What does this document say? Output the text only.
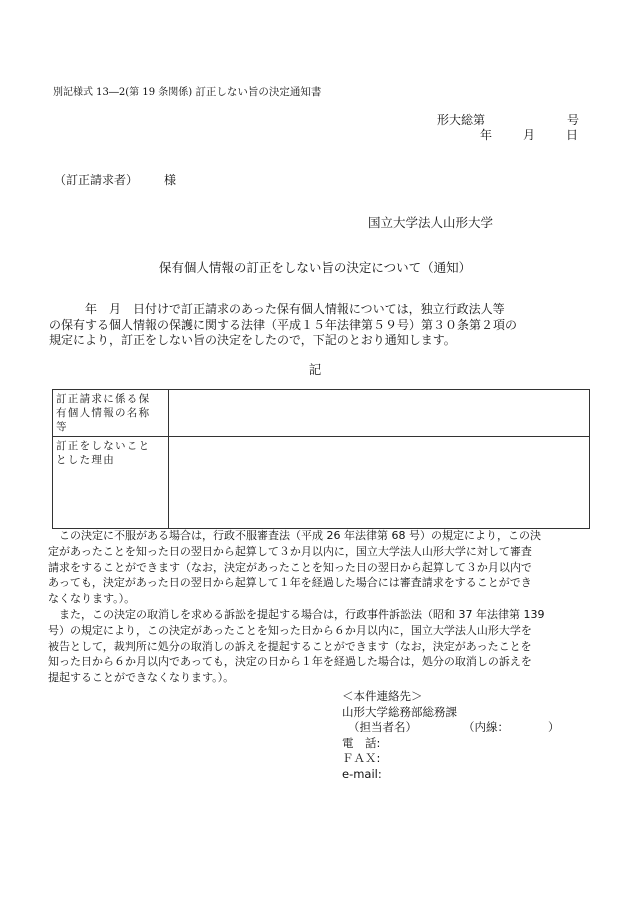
別記様式 13―2(第 19 条関係) 訂正しない旨の決定通知書
形大総第	号
年	月	日
（訂正請求者） 様
国立大学法人山形大学
保有個人情報の訂正をしない旨の決定について（通知）
　　　年　月　日付けで訂正請求のあった保有個人情報については，独立行政法人等
の保有する個人情報の保護に関する法律（平成１５年法律第５９号）第３０条第２項の
規定により，訂正をしない旨の決定をしたので，下記のとおり通知します。
記
訂正請求に係る保
有個人情報の名称
等	

訂正をしないこと
とした理由	

　この決定に不服がある場合は，行政不服審査法（平成 26 年法律第 68 号）の規定により，この決
定があったことを知った日の翌日から起算して３か月以内に，国立大学法人山形大学に対して審査
請求をすることができます（なお，決定があったことを知った日の翌日から起算して３か月以内で
あっても，決定があった日の翌日から起算して１年を経過した場合には審査請求をすることができ
なくなります。）。
　また，この決定の取消しを求める訴訟を提起する場合は，行政事件訴訟法（昭和 37 年法律第 139
号）の規定により，この決定があったことを知った日から６か月以内に，国立大学法人山形大学を
被告として，裁判所に処分の取消しの訴えを提起することができます（なお，決定があったことを
知った日から６か月以内であっても，決定の日から１年を経過した場合は，処分の取消しの訴えを
提起することができなくなります。）。
＜本件連絡先＞
山形大学総務部総務課
（担当者名）	（内線：	）
電　話:
ＦＡＸ:
e-mail:
